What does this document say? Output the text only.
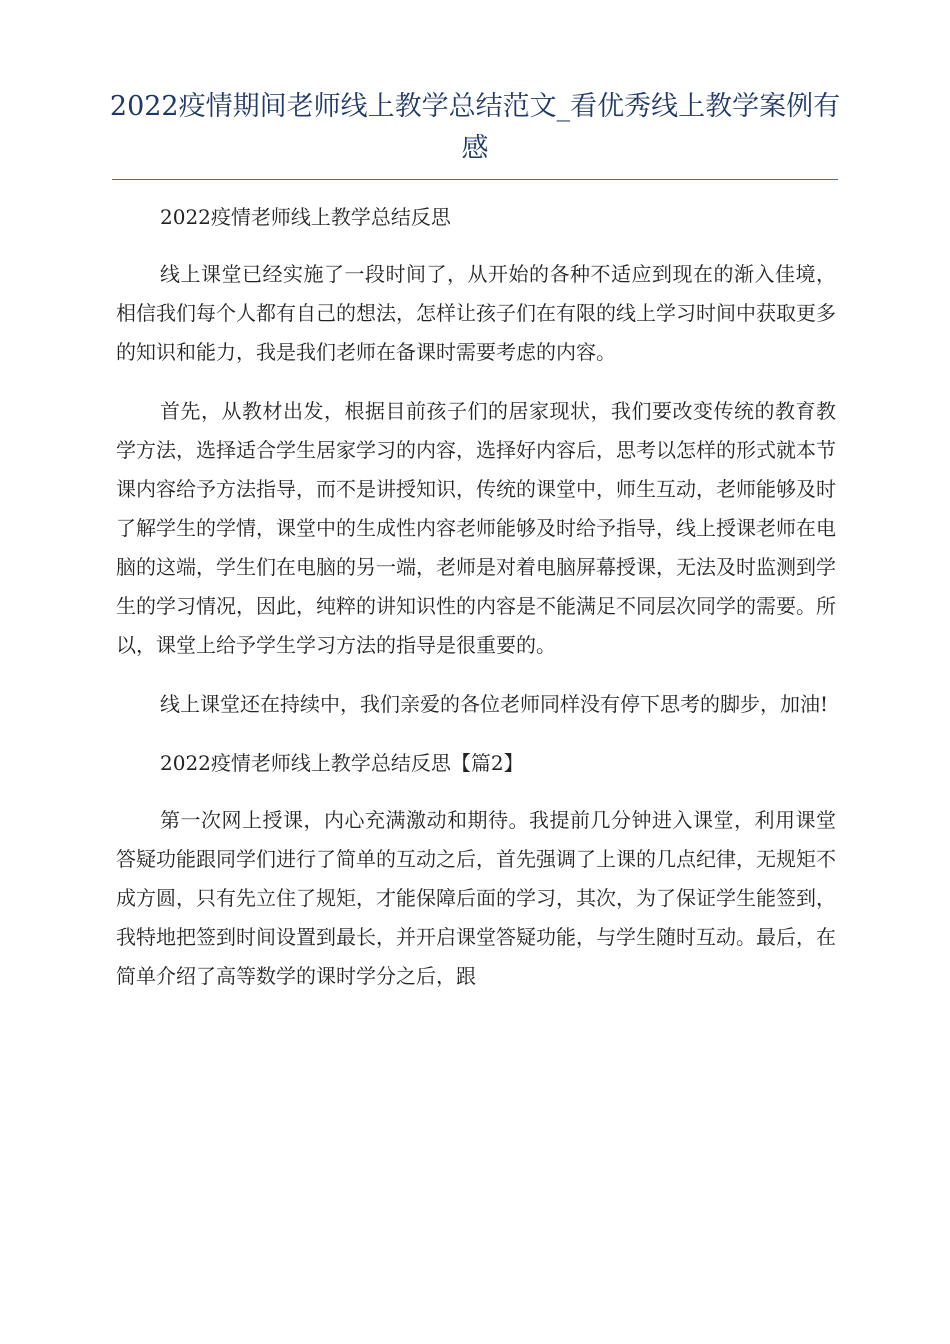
2022疫情期间老师线上教学总结范文_看优秀线上教学案例有感

2022疫情老师线上教学总结反思

线上课堂已经实施了一段时间了，从开始的各种不适应到现在的渐入佳境，相信我们每个人都有自己的想法，怎样让孩子们在有限的线上学习时间中获取更多的知识和能力，我是我们老师在备课时需要考虑的内容。

首先，从教材出发，根据目前孩子们的居家现状，我们要改变传统的教育教学方法，选择适合学生居家学习的内容，选择好内容后，思考以怎样的形式就本节课内容给予方法指导，而不是讲授知识，传统的课堂中，师生互动，老师能够及时了解学生的学情，课堂中的生成性内容老师能够及时给予指导，线上授课老师在电脑的这端，学生们在电脑的另一端，老师是对着电脑屏幕授课，无法及时监测到学生的学习情况，因此，纯粹的讲知识性的内容是不能满足不同层次同学的需要。所以，课堂上给予学生学习方法的指导是很重要的。

线上课堂还在持续中，我们亲爱的各位老师同样没有停下思考的脚步，加油!

2022疫情老师线上教学总结反思【篇2】

第一次网上授课，内心充满激动和期待。我提前几分钟进入课堂，利用课堂答疑功能跟同学们进行了简单的互动之后，首先强调了上课的几点纪律，无规矩不成方圆，只有先立住了规矩，才能保障后面的学习，其次，为了保证学生能签到，我特地把签到时间设置到最长，并开启课堂答疑功能，与学生随时互动。最后，在简单介绍了高等数学的课时学分之后，跟
